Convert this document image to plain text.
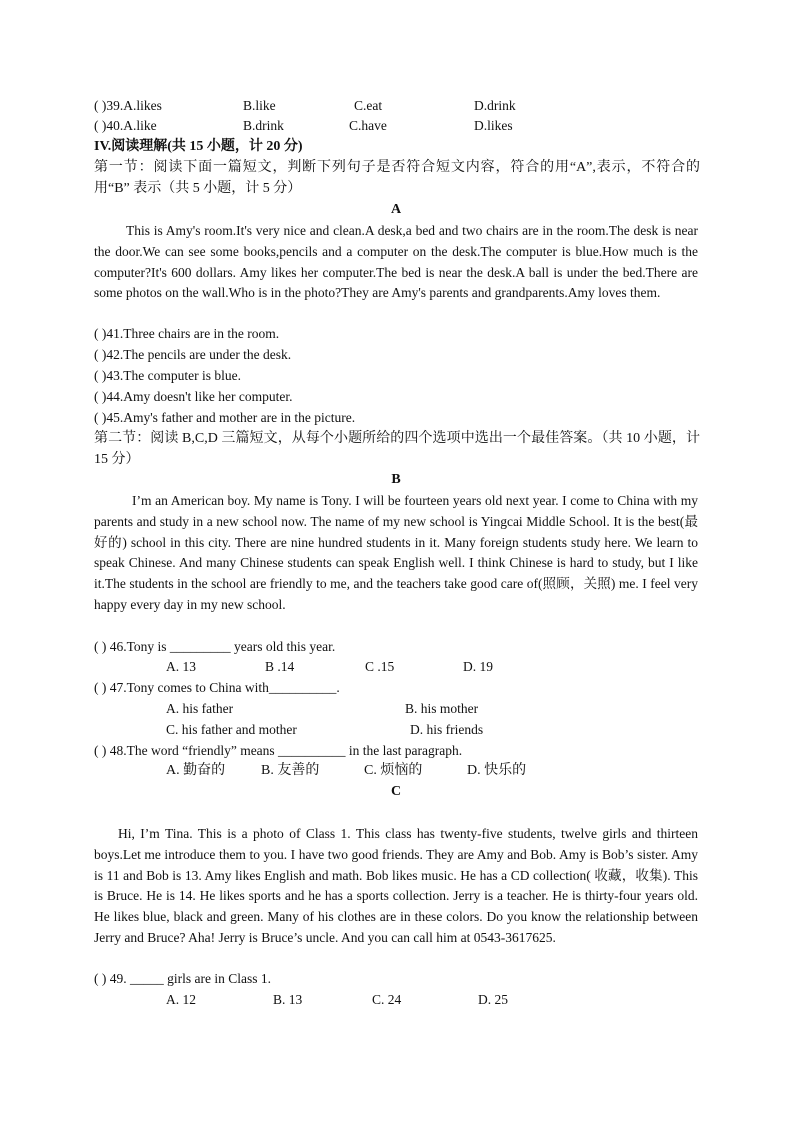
( )39.A.likes	B.like	C.eat	D.drink
( )40.A.like	B.drink	C.have	D.likes
IV.阅读理解(共 15 小题，计 20 分)
第一节：阅读下面一篇短文，判断下列句子是否符合短文内容，符合的用“A”,表示，不符合的用“B” 表示（共 5 小题，计 5 分）
A
This is Amy's room.It's very nice and clean.A desk,a bed and two chairs are in the room.The desk is near the door.We can see some books,pencils and a computer on the desk.The computer is blue.How much is the computer?It's 600 dollars. Amy likes her computer.The bed is near the desk.A ball is under the bed.There are some photos on the wall.Who is in the photo?They are Amy's parents and grandparents.Amy loves them.
( )41.Three chairs are in the room.
( )42.The pencils are under the desk.
( )43.The computer is blue.
( )44.Amy doesn't like her computer.
( )45.Amy's father and mother are in the picture.
第二节：阅读 B,C,D 三篇短文，从每个小题所给的四个选项中选出一个最佳答案。（共 10 小题，计 15 分）
B
I’m an American boy. My name is Tony. I will be fourteen years old next year. I come to China with my parents and study in a new school now. The name of my new school is Yingcai Middle School. It is the best(最好的) school in this city. There are nine hundred students in it. Many foreign students study here. We learn to speak Chinese. And many Chinese students can speak English well. I think Chinese is hard to study, but I like it.The students in the school are friendly to me, and the teachers take good care of(照顾，关照) me. I feel very happy every day in my new school.
( ) 46.Tony is _________ years old this year.
A. 13	B .14	C .15	D. 19
( ) 47.Tony comes to China with__________.
A. his father	B. his mother
C. his father and mother	D. his friends
( ) 48.The word “friendly” means __________ in the last paragraph.
A. 勤奋的	B. 友善的	C. 烦恼的	D. 快乐的
C
Hi, I’m Tina. This is a photo of Class 1. This class has twenty-five students, twelve girls and thirteen boys.Let me introduce them to you. I have two good friends. They are Amy and Bob. Amy is Bob’s sister. Amy is 11 and Bob is 13. Amy likes English and math. Bob likes music. He has a CD collection( 收藏，收集). This is Bruce. He is 14. He likes sports and he has a sports collection. Jerry is a teacher. He is thirty-four years old. He likes blue, black and green. Many of his clothes are in these colors. Do you know the relationship between Jerry and Bruce? Aha! Jerry is Bruce’s uncle. And you can call him at 0543-3617625.
( ) 49. _____ girls are in Class 1.
A. 12	B. 13	C. 24	D. 25
